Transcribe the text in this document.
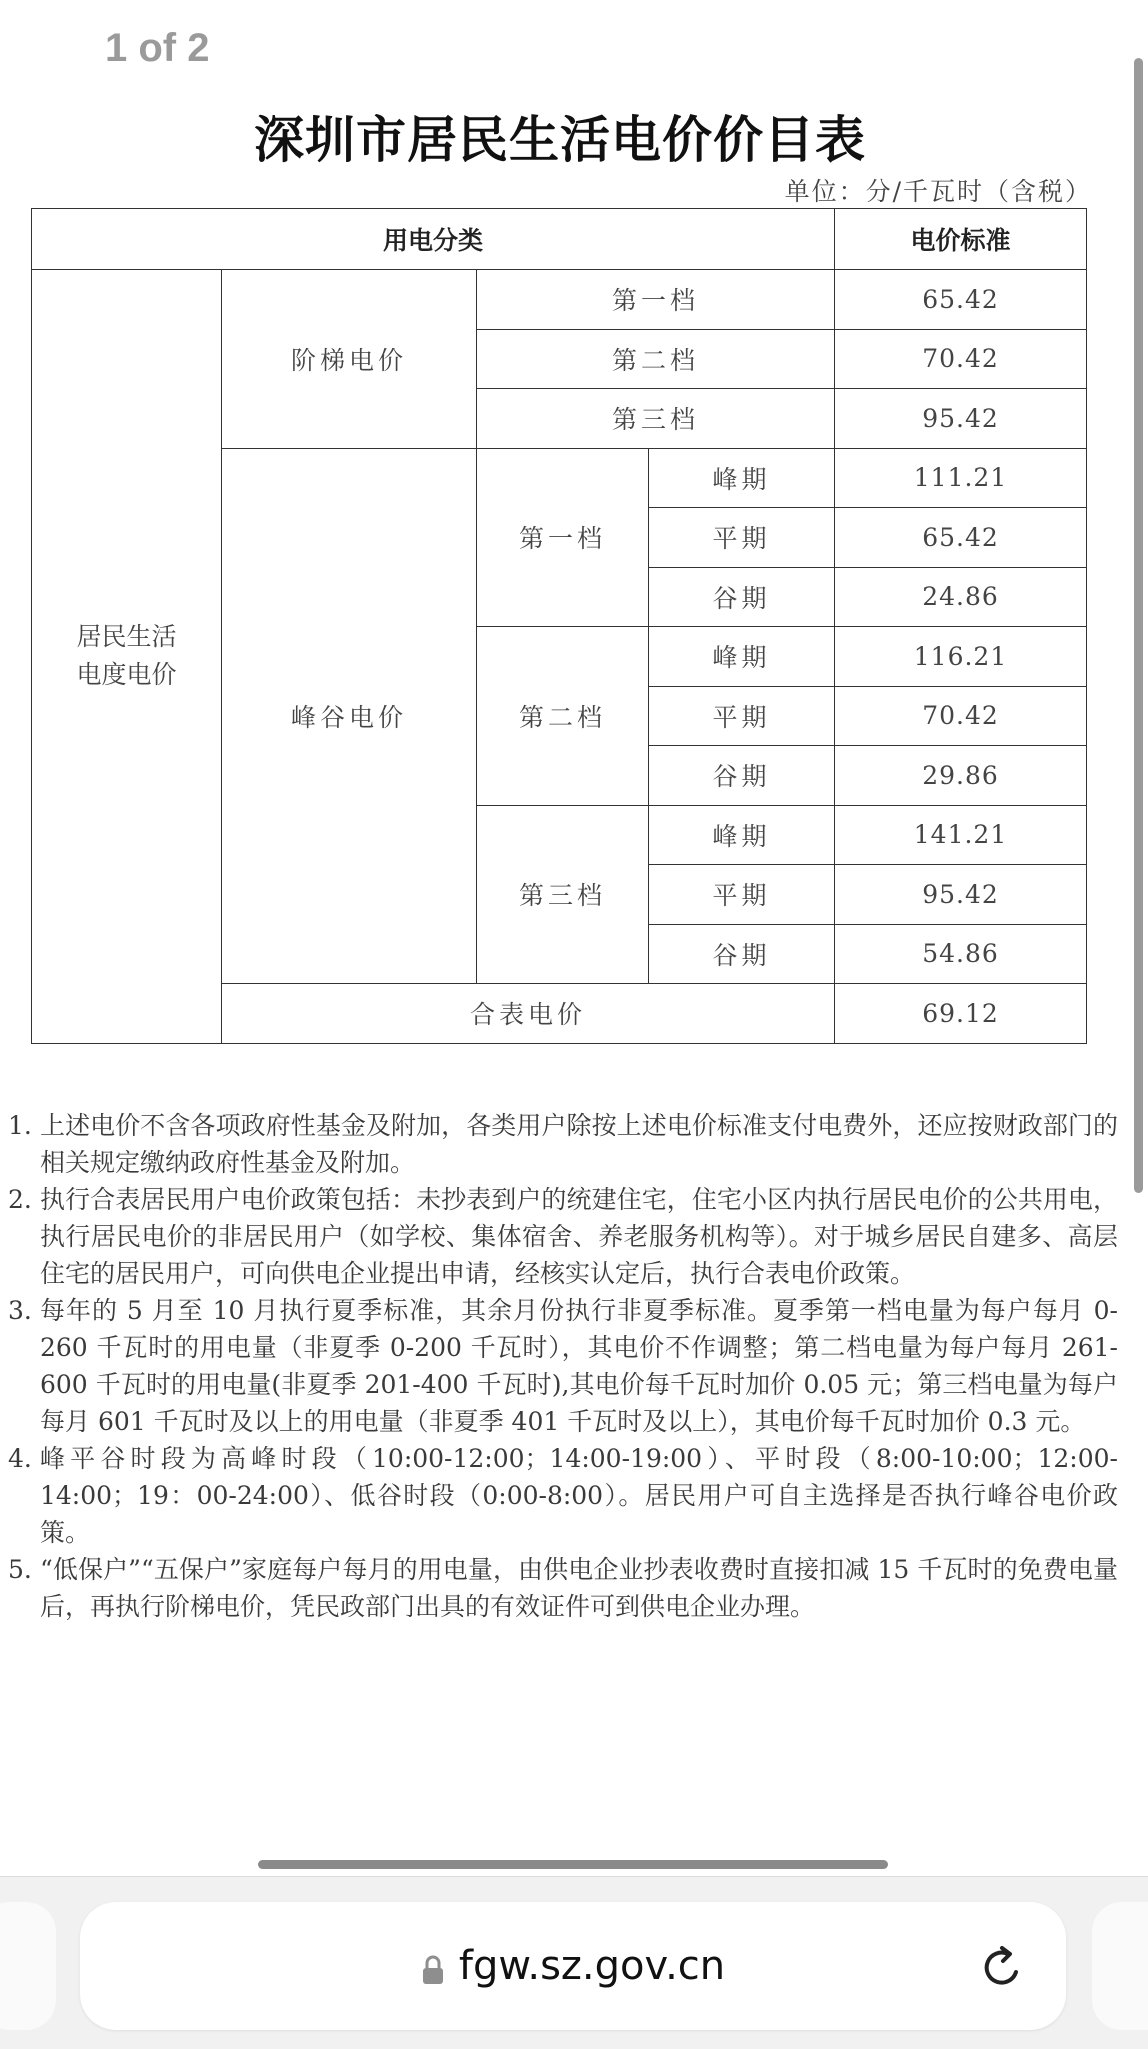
1 of 2
深圳市居民生活电价价目表
单位：分/千瓦时（含税）
用电分类				电价标准

居民生活
电度电价	阶梯电价	第一档		65.42
		第二档		70.42
		第三档		95.42
	峰谷电价	第一档	峰期	111.21
			平期	65.42
			谷期	24.86
		第二档	峰期	116.21
			平期	70.42
			谷期	29.86
		第三档	峰期	141.21
			平期	95.42
			谷期	54.86
	合表电价			69.12
1. 上述电价不含各项政府性基金及附加，各类用户除按上述电价标准支付电费外，还应按财政部门的相关规定缴纳政府性基金及附加。
2. 执行合表居民用户电价政策包括：未抄表到户的统建住宅，住宅小区内执行居民电价的公共用电，执行居民电价的非居民用户（如学校、集体宿舍、养老服务机构等）。对于城乡居民自建多、高层住宅的居民用户，可向供电企业提出申请，经核实认定后，执行合表电价政策。
3. 每年的 5 月至 10 月执行夏季标准，其余月份执行非夏季标准。夏季第一档电量为每户每月 0-260 千瓦时的用电量（非夏季 0-200 千瓦时），其电价不作调整；第二档电量为每户每月 261-600 千瓦时的用电量(非夏季 201-400 千瓦时),其电价每千瓦时加价 0.05 元；第三档电量为每户每月 601 千瓦时及以上的用电量（非夏季 401 千瓦时及以上），其电价每千瓦时加价 0.3 元。
4. 峰平谷时段为高峰时段（10:00-12:00；14:00-19:00）、平时段（8:00-10:00；12:00-14:00；19：00-24:00）、低谷时段（0:00-8:00）。居民用户可自主选择是否执行峰谷电价政策。
5. “低保户”“五保户”家庭每户每月的用电量，由供电企业抄表收费时直接扣减 15 千瓦时的免费电量后，再执行阶梯电价，凭民政部门出具的有效证件可到供电企业办理。
fgw.sz.gov.cn
